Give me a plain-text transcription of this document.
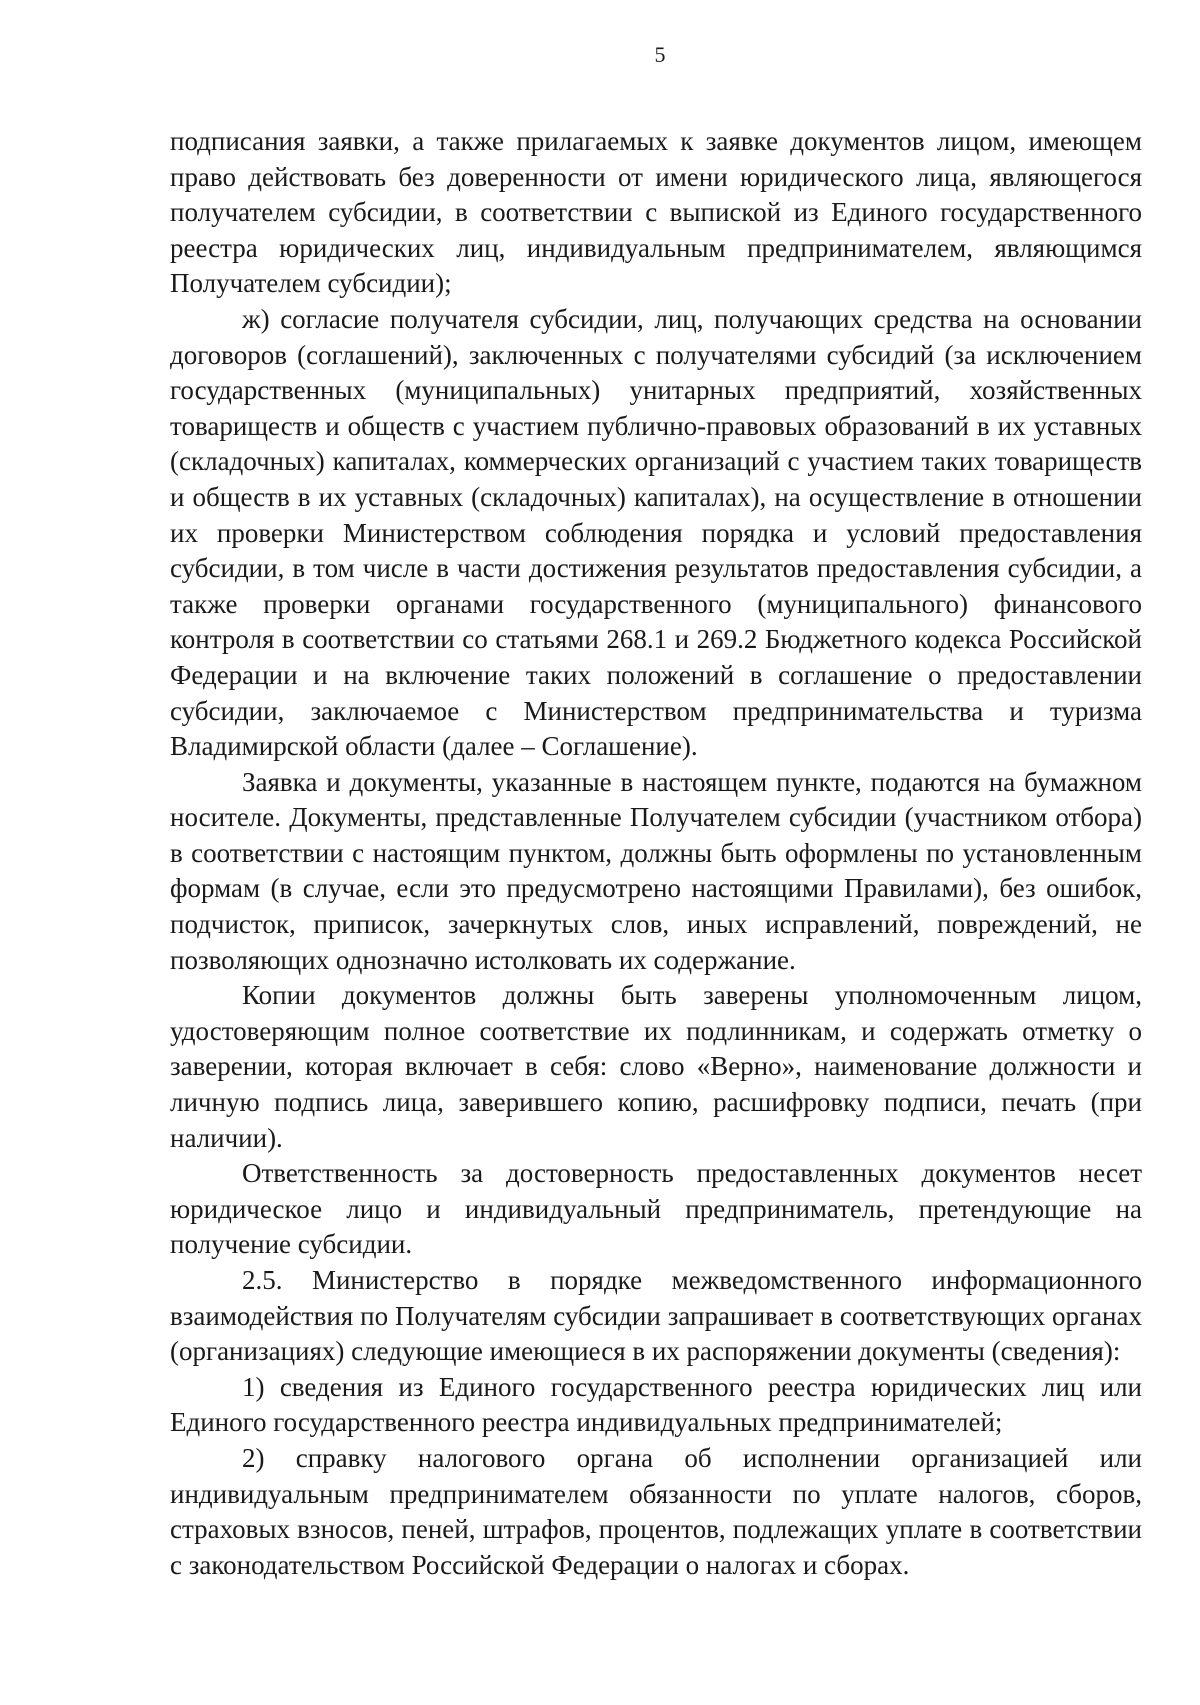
5

подписания заявки, а также прилагаемых к заявке документов лицом, имеющем право действовать без доверенности от имени юридического лица, являющегося получателем субсидии, в соответствии с выпиской из Единого государственного реестра юридических лиц, индивидуальным предпринимателем, являющимся Получателем субсидии);

ж) согласие получателя субсидии, лиц, получающих средства на основании договоров (соглашений), заключенных с получателями субсидий (за исключением государственных (муниципальных) унитарных предприятий, хозяйственных товариществ и обществ с участием публично-правовых образований в их уставных (складочных) капиталах, коммерческих организаций с участием таких товариществ и обществ в их уставных (складочных) капиталах), на осуществление в отношении их проверки Министерством соблюдения порядка и условий предоставления субсидии, в том числе в части достижения результатов предоставления субсидии, а также проверки органами государственного (муниципального) финансового контроля в соответствии со статьями 268.1 и 269.2 Бюджетного кодекса Российской Федерации и на включение таких положений в соглашение о предоставлении субсидии, заключаемое с Министерством предпринимательства и туризма Владимирской области (далее – Соглашение).

Заявка и документы, указанные в настоящем пункте, подаются на бумажном носителе. Документы, представленные Получателем субсидии (участником отбора) в соответствии с настоящим пунктом, должны быть оформлены по установленным формам (в случае, если это предусмотрено настоящими Правилами), без ошибок, подчисток, приписок, зачеркнутых слов, иных исправлений, повреждений, не позволяющих однозначно истолковать их содержание.

Копии документов должны быть заверены уполномоченным лицом, удостоверяющим полное соответствие их подлинникам, и содержать отметку о заверении, которая включает в себя: слово «Верно», наименование должности и личную подпись лица, заверившего копию, расшифровку подписи, печать (при наличии).

Ответственность за достоверность предоставленных документов несет юридическое лицо и индивидуальный предприниматель, претендующие на получение субсидии.

2.5. Министерство в порядке межведомственного информационного взаимодействия по Получателям субсидии запрашивает в соответствующих органах (организациях) следующие имеющиеся в их распоряжении документы (сведения):

1) сведения из Единого государственного реестра юридических лиц или Единого государственного реестра индивидуальных предпринимателей;

2) справку налогового органа об исполнении организацией или индивидуальным предпринимателем обязанности по уплате налогов, сборов, страховых взносов, пеней, штрафов, процентов, подлежащих уплате в соответствии с законодательством Российской Федерации о налогах и сборах.
